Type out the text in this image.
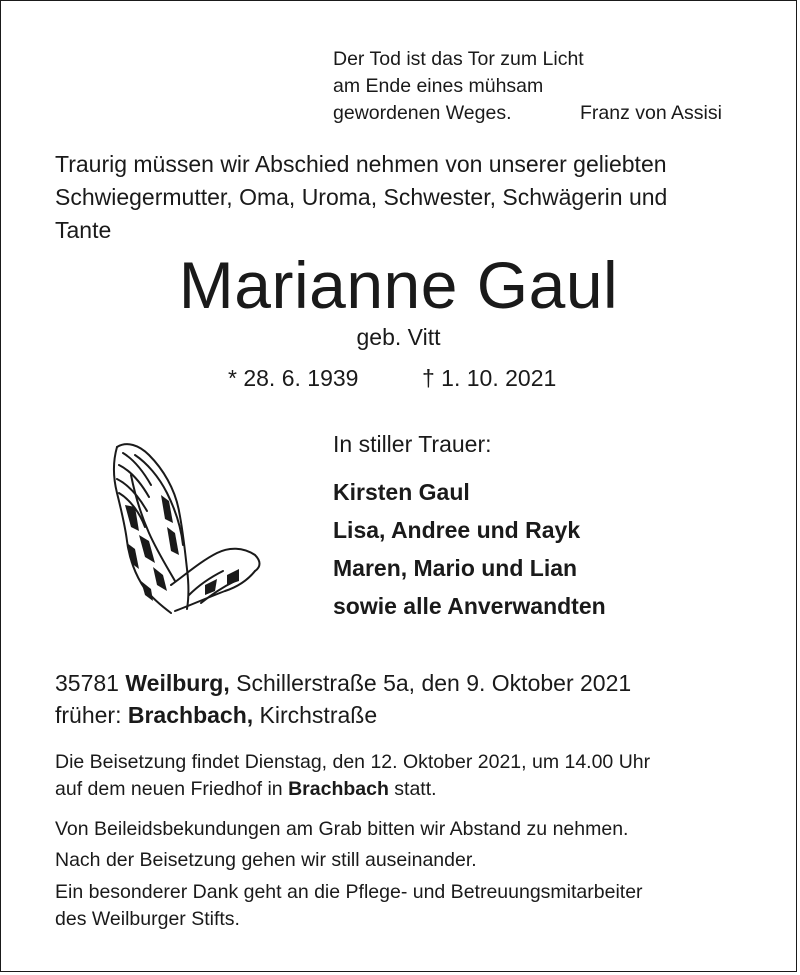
Der Tod ist das Tor zum Licht
am Ende eines mühsam
gewordenen Weges.	Franz von Assisi
Traurig müssen wir Abschied nehmen von unserer geliebten
Schwiegermutter, Oma, Uroma, Schwester, Schwägerin und
Tante
Marianne Gaul
geb. Vitt
* 28. 6. 1939	† 1. 10. 2021
In stiller Trauer:
Kirsten Gaul
Lisa, Andree und Rayk
Maren, Mario und Lian
sowie alle Anverwandten
35781 Weilburg, Schillerstraße 5a, den 9. Oktober 2021
früher: Brachbach, Kirchstraße
Die Beisetzung findet Dienstag, den 12. Oktober 2021, um 14.00 Uhr
auf dem neuen Friedhof in Brachbach statt.
Von Beileidsbekundungen am Grab bitten wir Abstand zu nehmen.
Nach der Beisetzung gehen wir still auseinander.
Ein besonderer Dank geht an die Pflege- und Betreuungsmitarbeiter
des Weilburger Stifts.
